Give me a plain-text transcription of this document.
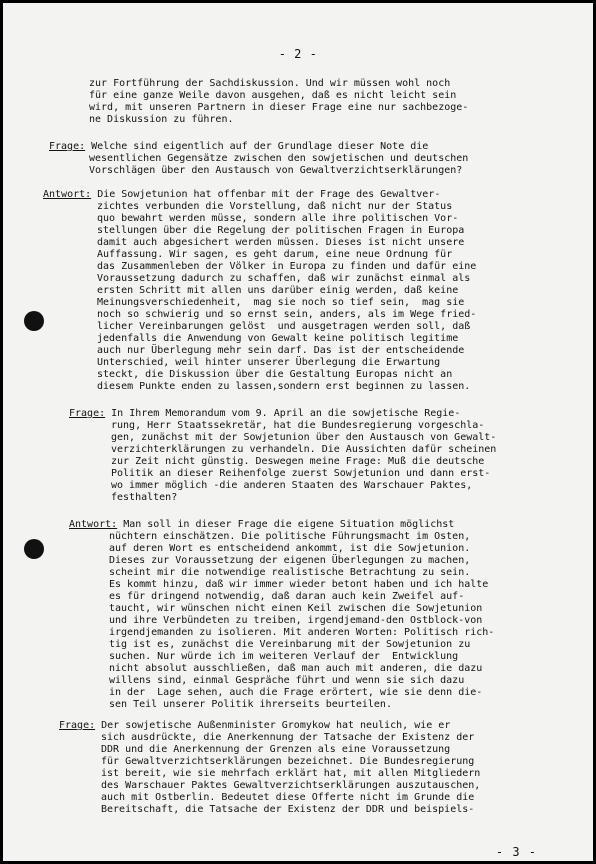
- 2 -
zur Fortführung der Sachdiskussion. Und wir müssen wohl noch
für eine ganze Weile davon ausgehen, daß es nicht leicht sein
wird, mit unseren Partnern in dieser Frage eine nur sachbezoge-
ne Diskussion zu führen.
Frage: Welche sind eigentlich auf der Grundlage dieser Note die
wesentlichen Gegensätze zwischen den sowjetischen und deutschen
Vorschlägen über den Austausch von Gewaltverzichtserklärungen?
Antwort: Die Sowjetunion hat offenbar mit der Frage des Gewaltver-
zichtes verbunden die Vorstellung, daß nicht nur der Status
quo bewahrt werden müsse, sondern alle ihre politischen Vor-
stellungen über die Regelung der politischen Fragen in Europa
damit auch abgesichert werden müssen. Dieses ist nicht unsere
Auffassung. Wir sagen, es geht darum, eine neue Ordnung für
das Zusammenleben der Völker in Europa zu finden und dafür eine
Voraussetzung dadurch zu schaffen, daß wir zunächst einmal als
ersten Schritt mit allen uns darüber einig werden, daß keine
Meinungsverschiedenheit,  mag sie noch so tief sein,  mag sie
noch so schwierig und so ernst sein, anders, als im Wege fried-
licher Vereinbarungen gelöst  und ausgetragen werden soll, daß
jedenfalls die Anwendung von Gewalt keine politisch legitime
auch nur Überlegung mehr sein darf. Das ist der entscheidende
Unterschied, weil hinter unserer Überlegung die Erwartung
steckt, die Diskussion über die Gestaltung Europas nicht an
diesem Punkte enden zu lassen,sondern erst beginnen zu lassen.
Frage: In Ihrem Memorandum vom 9. April an die sowjetische Regie-
rung, Herr Staatssekretär, hat die Bundesregierung vorgeschla-
gen, zunächst mit der Sowjetunion über den Austausch von Gewalt-
verzichterklärungen zu verhandeln. Die Aussichten dafür scheinen
zur Zeit nicht günstig. Deswegen meine Frage: Muß die deutsche
Politik an dieser Reihenfolge zuerst Sowjetunion und dann erst-
wo immer möglich -die anderen Staaten des Warschauer Paktes,
festhalten?
Antwort: Man soll in dieser Frage die eigene Situation möglichst
nüchtern einschätzen. Die politische Führungsmacht im Osten,
auf deren Wort es entscheidend ankommt, ist die Sowjetunion.
Dieses zur Voraussetzung der eigenen Überlegungen zu machen,
scheint mir die notwendige realistische Betrachtung zu sein.
Es kommt hinzu, daß wir immer wieder betont haben und ich halte
es für dringend notwendig, daß daran auch kein Zweifel auf-
taucht, wir wünschen nicht einen Keil zwischen die Sowjetunion
und ihre Verbündeten zu treiben, irgendjemand-den Ostblock-von
irgendjemanden zu isolieren. Mit anderen Worten: Politisch rich-
tig ist es, zunächst die Vereinbarung mit der Sowjetunion zu
suchen. Nur würde ich im weiteren Verlauf der  Entwicklung
nicht absolut ausschließen, daß man auch mit anderen, die dazu
willens sind, einmal Gespräche führt und wenn sie sich dazu
in der  Lage sehen, auch die Frage erörtert, wie sie denn die-
sen Teil unserer Politik ihrerseits beurteilen.
Frage: Der sowjetische Außenminister Gromykow hat neulich, wie er
sich ausdrückte, die Anerkennung der Tatsache der Existenz der
DDR und die Anerkennung der Grenzen als eine Voraussetzung
für Gewaltverzichtserklärungen bezeichnet. Die Bundesregierung
ist bereit, wie sie mehrfach erklärt hat, mit allen Mitgliedern
des Warschauer Paktes Gewaltverzichtserklärungen auszutauschen,
auch mit Ostberlin. Bedeutet diese Offerte nicht im Grunde die
Bereitschaft, die Tatsache der Existenz der DDR und beispiels-
- 3 -
